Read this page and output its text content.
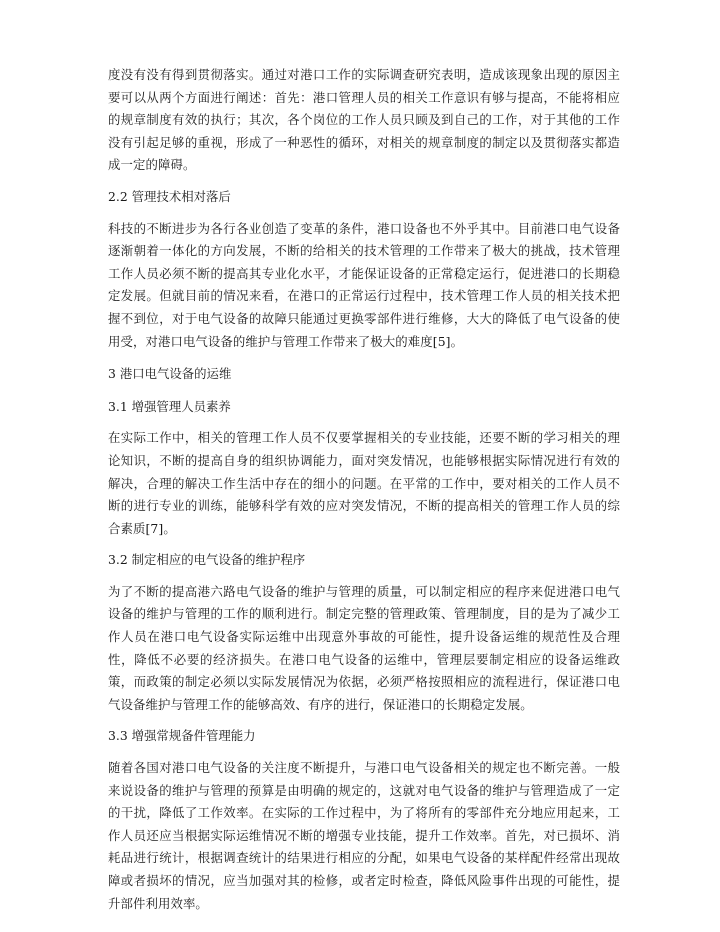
度没有没有得到贯彻落实。通过对港口工作的实际调查研究表明，造成该现象出现的原因主要可以从两个方面进行阐述：首先：港口管理人员的相关工作意识有够与提高，不能将相应的规章制度有效的执行；其次，各个岗位的工作人员只顾及到自己的工作，对于其他的工作没有引起足够的重视，形成了一种恶性的循环，对相关的规章制度的制定以及贯彻落实都造成一定的障碍。

2.2 管理技术相对落后

科技的不断进步为各行各业创造了变革的条件，港口设备也不外乎其中。目前港口电气设备逐渐朝着一体化的方向发展，不断的给相关的技术管理的工作带来了极大的挑战，技术管理工作人员必须不断的提高其专业化水平，才能保证设备的正常稳定运行，促进港口的长期稳定发展。但就目前的情况来看，在港口的正常运行过程中，技术管理工作人员的相关技术把握不到位，对于电气设备的故障只能通过更换零部件进行维修，大大的降低了电气设备的使用受，对港口电气设备的维护与管理工作带来了极大的难度[5]。

3 港口电气设备的运维
3.1 增强管理人员素养

在实际工作中，相关的管理工作人员不仅要掌握相关的专业技能，还要不断的学习相关的理论知识，不断的提高自身的组织协调能力，面对突发情况，也能够根据实际情况进行有效的解决，合理的解决工作生活中存在的细小的问题。在平常的工作中，要对相关的工作人员不断的进行专业的训练，能够科学有效的应对突发情况，不断的提高相关的管理工作人员的综合素质[7]。

3.2 制定相应的电气设备的维护程序

为了不断的提高港六路电气设备的维护与管理的质量，可以制定相应的程序来促进港口电气设备的维护与管理的工作的顺利进行。制定完整的管理政策、管理制度，目的是为了减少工作人员在港口电气设备实际运维中出现意外事故的可能性，提升设备运维的规范性及合理性，降低不必要的经济损失。在港口电气设备的运维中，管理层要制定相应的设备运维政策，而政策的制定必须以实际发展情况为依据，必须严格按照相应的流程进行，保证港口电气设备维护与管理工作的能够高效、有序的进行，保证港口的长期稳定发展。

3.3 增强常规备件管理能力

随着各国对港口电气设备的关注度不断提升，与港口电气设备相关的规定也不断完善。一般来说设备的维护与管理的预算是由明确的规定的，这就对电气设备的维护与管理造成了一定的干扰，降低了工作效率。在实际的工作过程中，为了将所有的零部件充分地应用起来，工作人员还应当根据实际运维情况不断的增强专业技能，提升工作效率。首先，对已损坏、消耗品进行统计，根据调查统计的结果进行相应的分配，如果电气设备的某样配件经常出现故障或者损坏的情况，应当加强对其的检修，或者定时检查，降低风险事件出现的可能性，提升部件利用效率。
